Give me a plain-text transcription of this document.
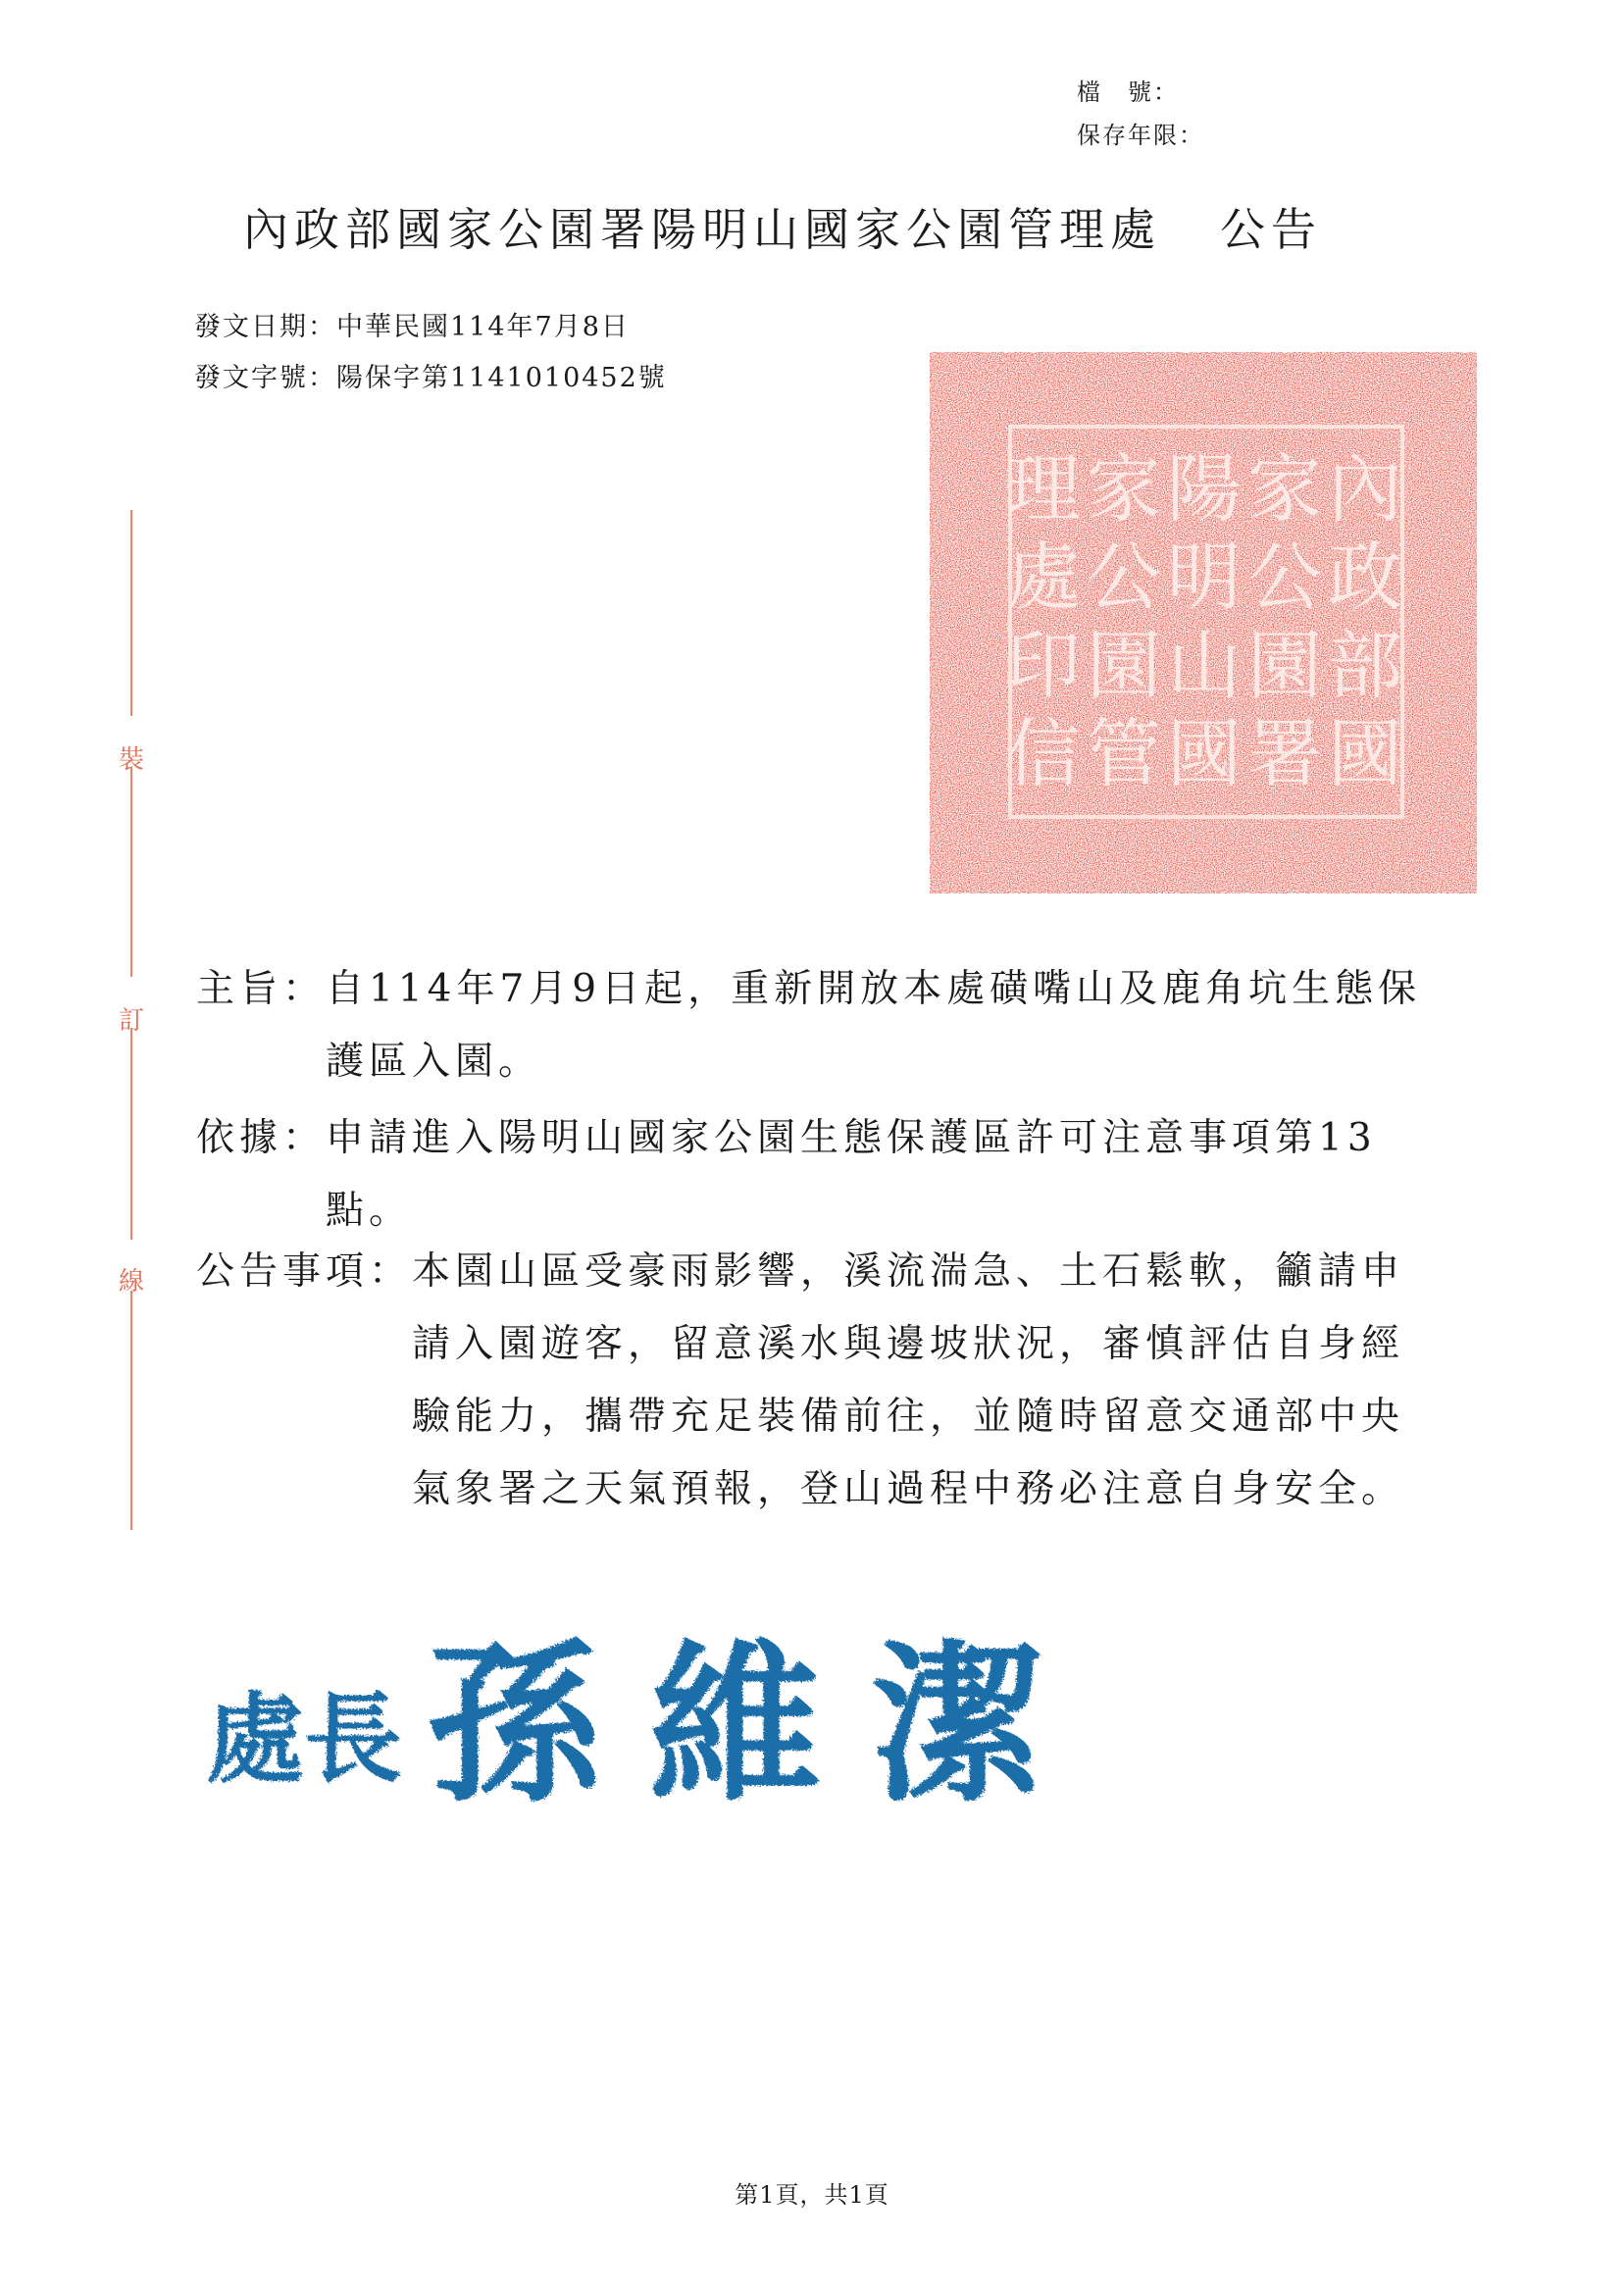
檔　號：
保存年限：
內政部國家公園署陽明山國家公園管理處 公告
發文日期：中華民國114年7月8日
發文字號：陽保字第1141010452號
裝
訂
線
內
政
部
國
家
公
園
署
陽
明
山
國
家
公
園
管
理
處
印
信
主旨： 自114年7月9日起，重新開放本處磺嘴山及鹿角坑生態保護區入園。
依據： 申請進入陽明山國家公園生態保護區許可注意事項第13點。
公告事項： 本園山區受豪雨影響，溪流湍急、土石鬆軟，籲請申請入園遊客，留意溪水與邊坡狀況，審慎評估自身經驗能力，攜帶充足裝備前往，並隨時留意交通部中央氣象署之天氣預報，登山過程中務必注意自身安全。
處 長 孫 維 潔
第1頁，共1頁
